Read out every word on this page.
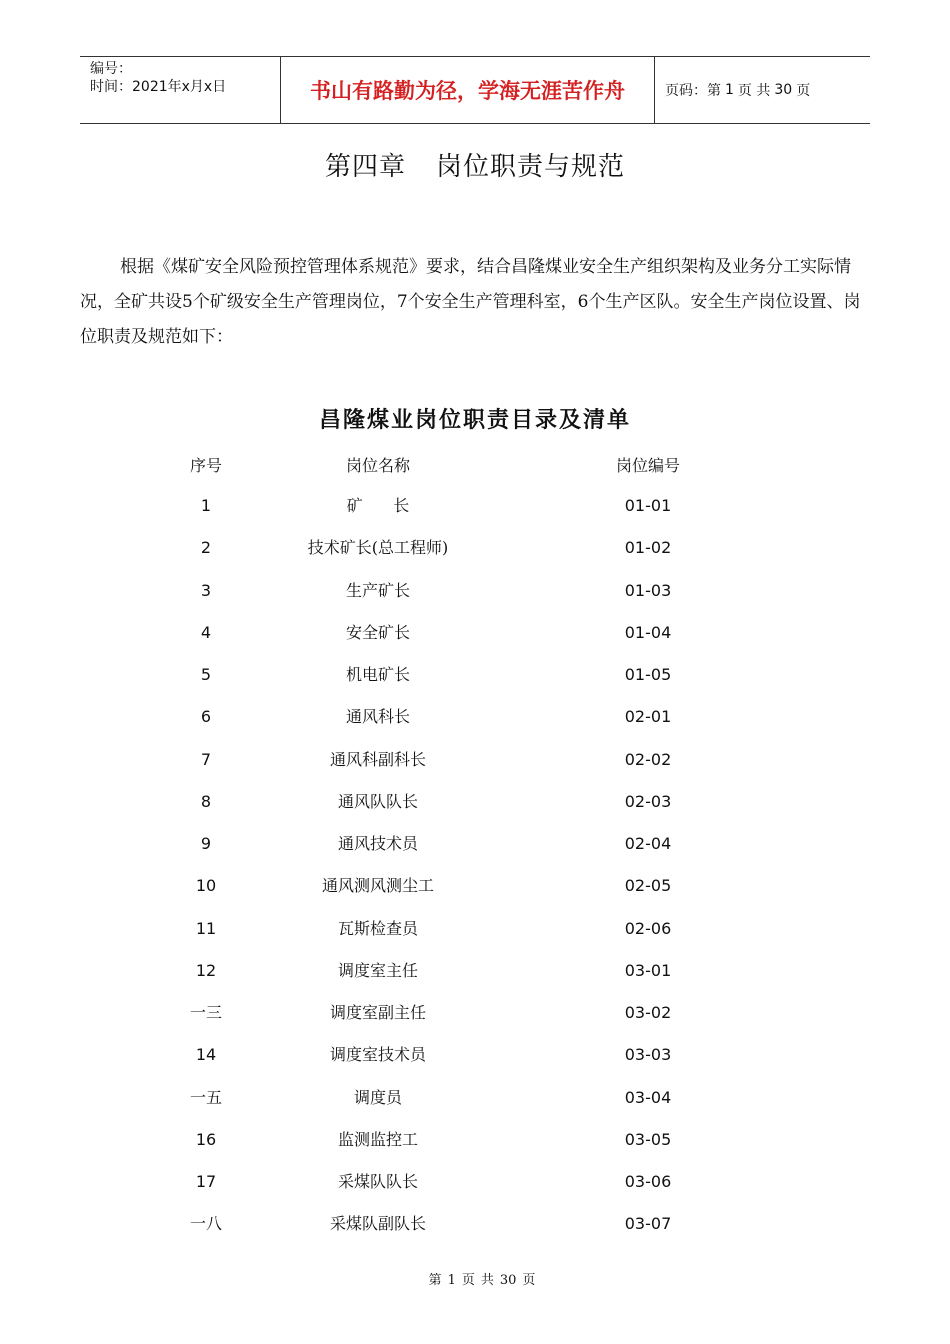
编号：
时间：2021年x月x日	书山有路勤为径，学海无涯苦作舟	页码：第 1 页 共 30 页
第四章 岗位职责与规范

根据《煤矿安全风险预控管理体系规范》要求，结合昌隆煤业安全生产组织架构及业务分工实际情况，全矿共设5个矿级安全生产管理岗位，7个安全生产管理科室，6个生产区队。安全生产岗位设置、岗位职责及规范如下：

昌隆煤业岗位职责目录及清单
序号	岗位名称	岗位编号
1	矿      长	01-01
2	技术矿长(总工程师)	01-02
3	生产矿长	01-03
4	安全矿长	01-04
5	机电矿长	01-05
6	通风科长	02-01
7	通风科副科长	02-02
8	通风队队长	02-03
9	通风技术员	02-04
10	通风测风测尘工	02-05
11	瓦斯检查员	02-06
12	调度室主任	03-01
一三	调度室副主任	03-02
14	调度室技术员	03-03
一五	调度员	03-04
16	监测监控工	03-05
17	采煤队队长	03-06
一八	采煤队副队长	03-07
第 1 页 共 30 页
